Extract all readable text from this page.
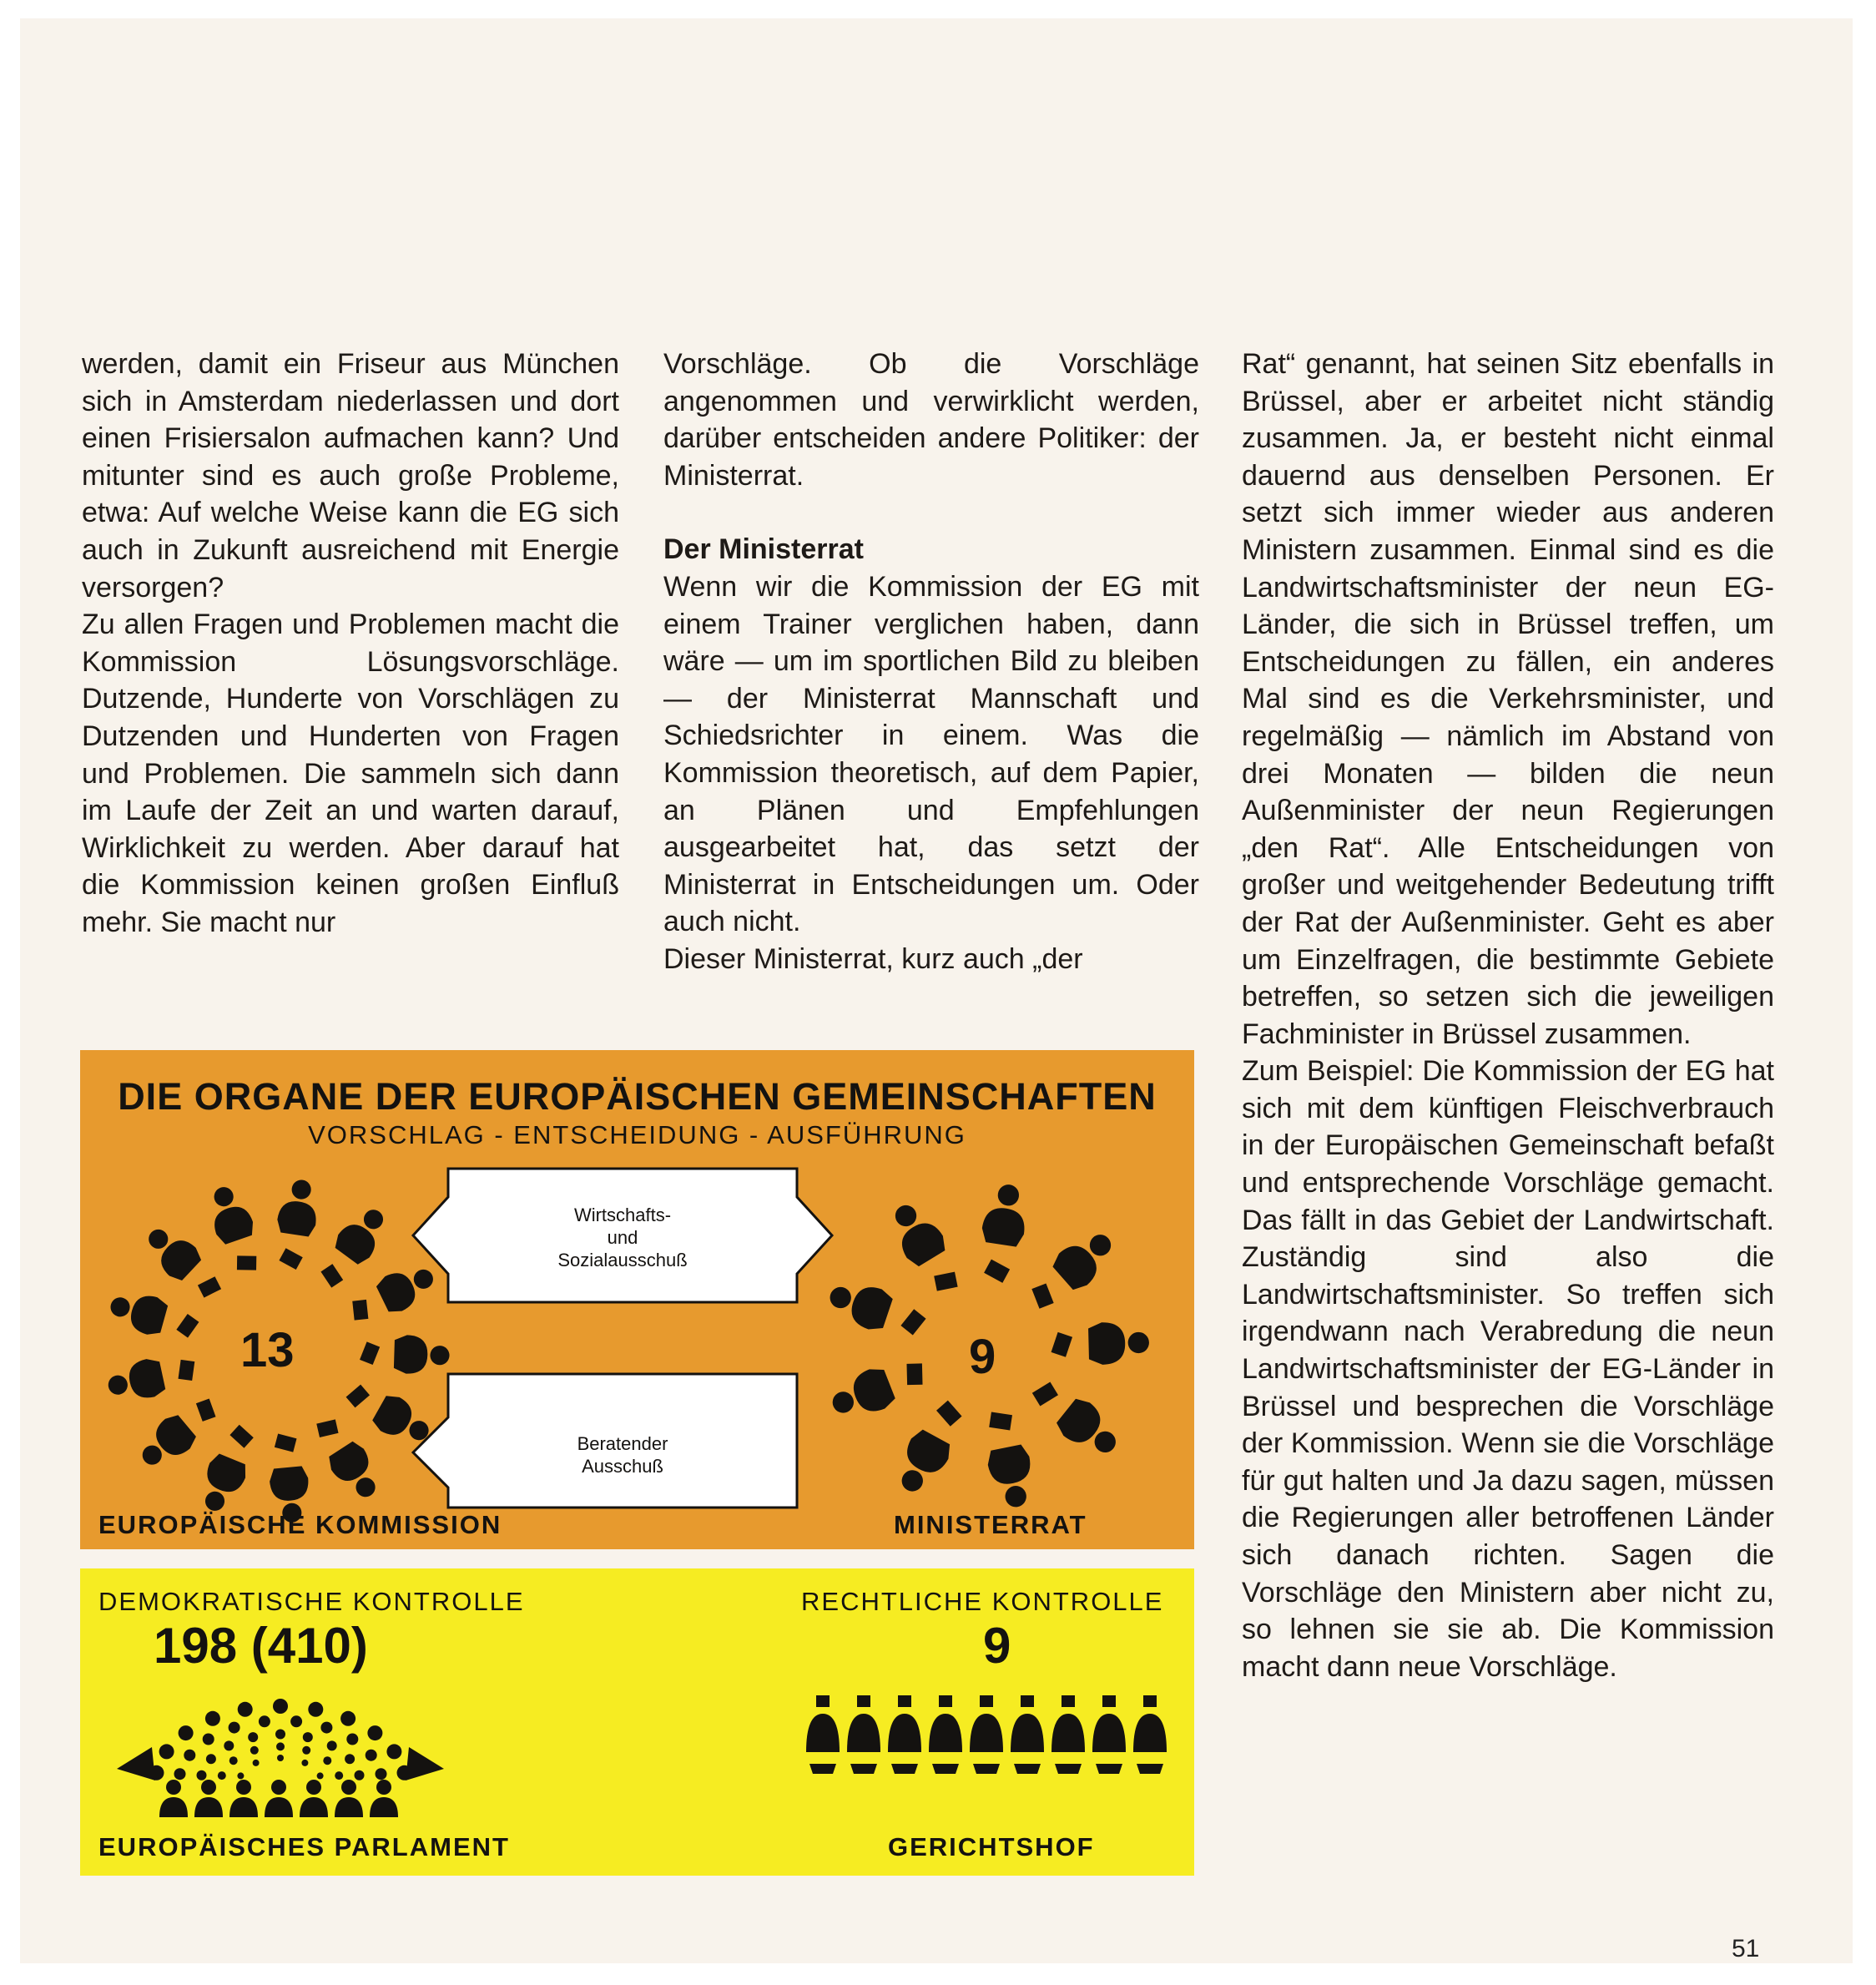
werden, damit ein Friseur aus München sich in Amsterdam niederlassen und dort einen Frisiersalon aufmachen kann? Und mitunter sind es auch große Probleme, etwa: Auf welche Weise kann die EG sich auch in Zukunft ausreichend mit Energie versorgen?

Zu allen Fragen und Problemen macht die Kommission Lösungsvorschläge. Dutzende, Hunderte von Vorschlägen zu Dutzenden und Hunderten von Fragen und Problemen. Die sammeln sich dann im Laufe der Zeit an und warten darauf, Wirklichkeit zu werden. Aber darauf hat die Kommission keinen großen Einfluß mehr. Sie macht nur

Vorschläge. Ob die Vorschläge angenommen und verwirklicht werden, darüber entscheiden andere Politiker: der Ministerrat.

Der Ministerrat

Wenn wir die Kommission der EG mit einem Trainer verglichen haben, dann wäre — um im sportlichen Bild zu bleiben — der Ministerrat Mannschaft und Schiedsrichter in einem. Was die Kommission theoretisch, auf dem Papier, an Plänen und Empfehlungen ausgearbeitet hat, das setzt der Ministerrat in Entscheidungen um. Oder auch nicht.

Dieser Ministerrat, kurz auch „der

Rat“ genannt, hat seinen Sitz ebenfalls in Brüssel, aber er arbeitet nicht ständig zusammen. Ja, er besteht nicht einmal dauernd aus denselben Personen. Er setzt sich immer wieder aus anderen Ministern zusammen. Einmal sind es die Landwirtschaftsminister der neun EG-Länder, die sich in Brüssel treffen, um Entscheidungen zu fällen, ein anderes Mal sind es die Verkehrsminister, und regelmäßig — nämlich im Abstand von drei Monaten — bilden die neun Außenminister der neun Regierungen „den Rat“. Alle Entscheidungen von großer und weitgehender Bedeutung trifft der Rat der Außenminister. Geht es aber um Einzelfragen, die bestimmte Gebiete betreffen, so setzen sich die jeweiligen Fachminister in Brüssel zusammen.

Zum Beispiel: Die Kommission der EG hat sich mit dem künftigen Fleischverbrauch in der Europäischen Gemeinschaft befaßt und entsprechende Vorschläge gemacht. Das fällt in das Gebiet der Landwirtschaft. Zuständig sind also die Landwirtschaftsminister. So treffen sich irgendwann nach Verabredung die neun Landwirtschaftsminister der EG-Länder in Brüssel und besprechen die Vorschläge der Kommission. Wenn sie die Vorschläge für gut halten und Ja dazu sagen, müssen die Regierungen aller betroffenen Länder sich danach richten. Sagen die Vorschläge den Ministern aber nicht zu, so lehnen sie sie ab. Die Kommission macht dann neue Vorschläge.

DIE ORGANE DER EUROPÄISCHEN GEMEINSCHAFTEN
VORSCHLAG - ENTSCHEIDUNG - AUSFÜHRUNG
13	9
Wirtschafts-
und
Sozialausschuß
Beratender
Ausschuß
EUROPÄISCHE KOMMISSION	MINISTERRAT
DEMOKRATISCHE KONTROLLE
198 (410)
EUROPÄISCHES PARLAMENT
RECHTLICHE KONTROLLE
9
GERICHTSHOF
51
